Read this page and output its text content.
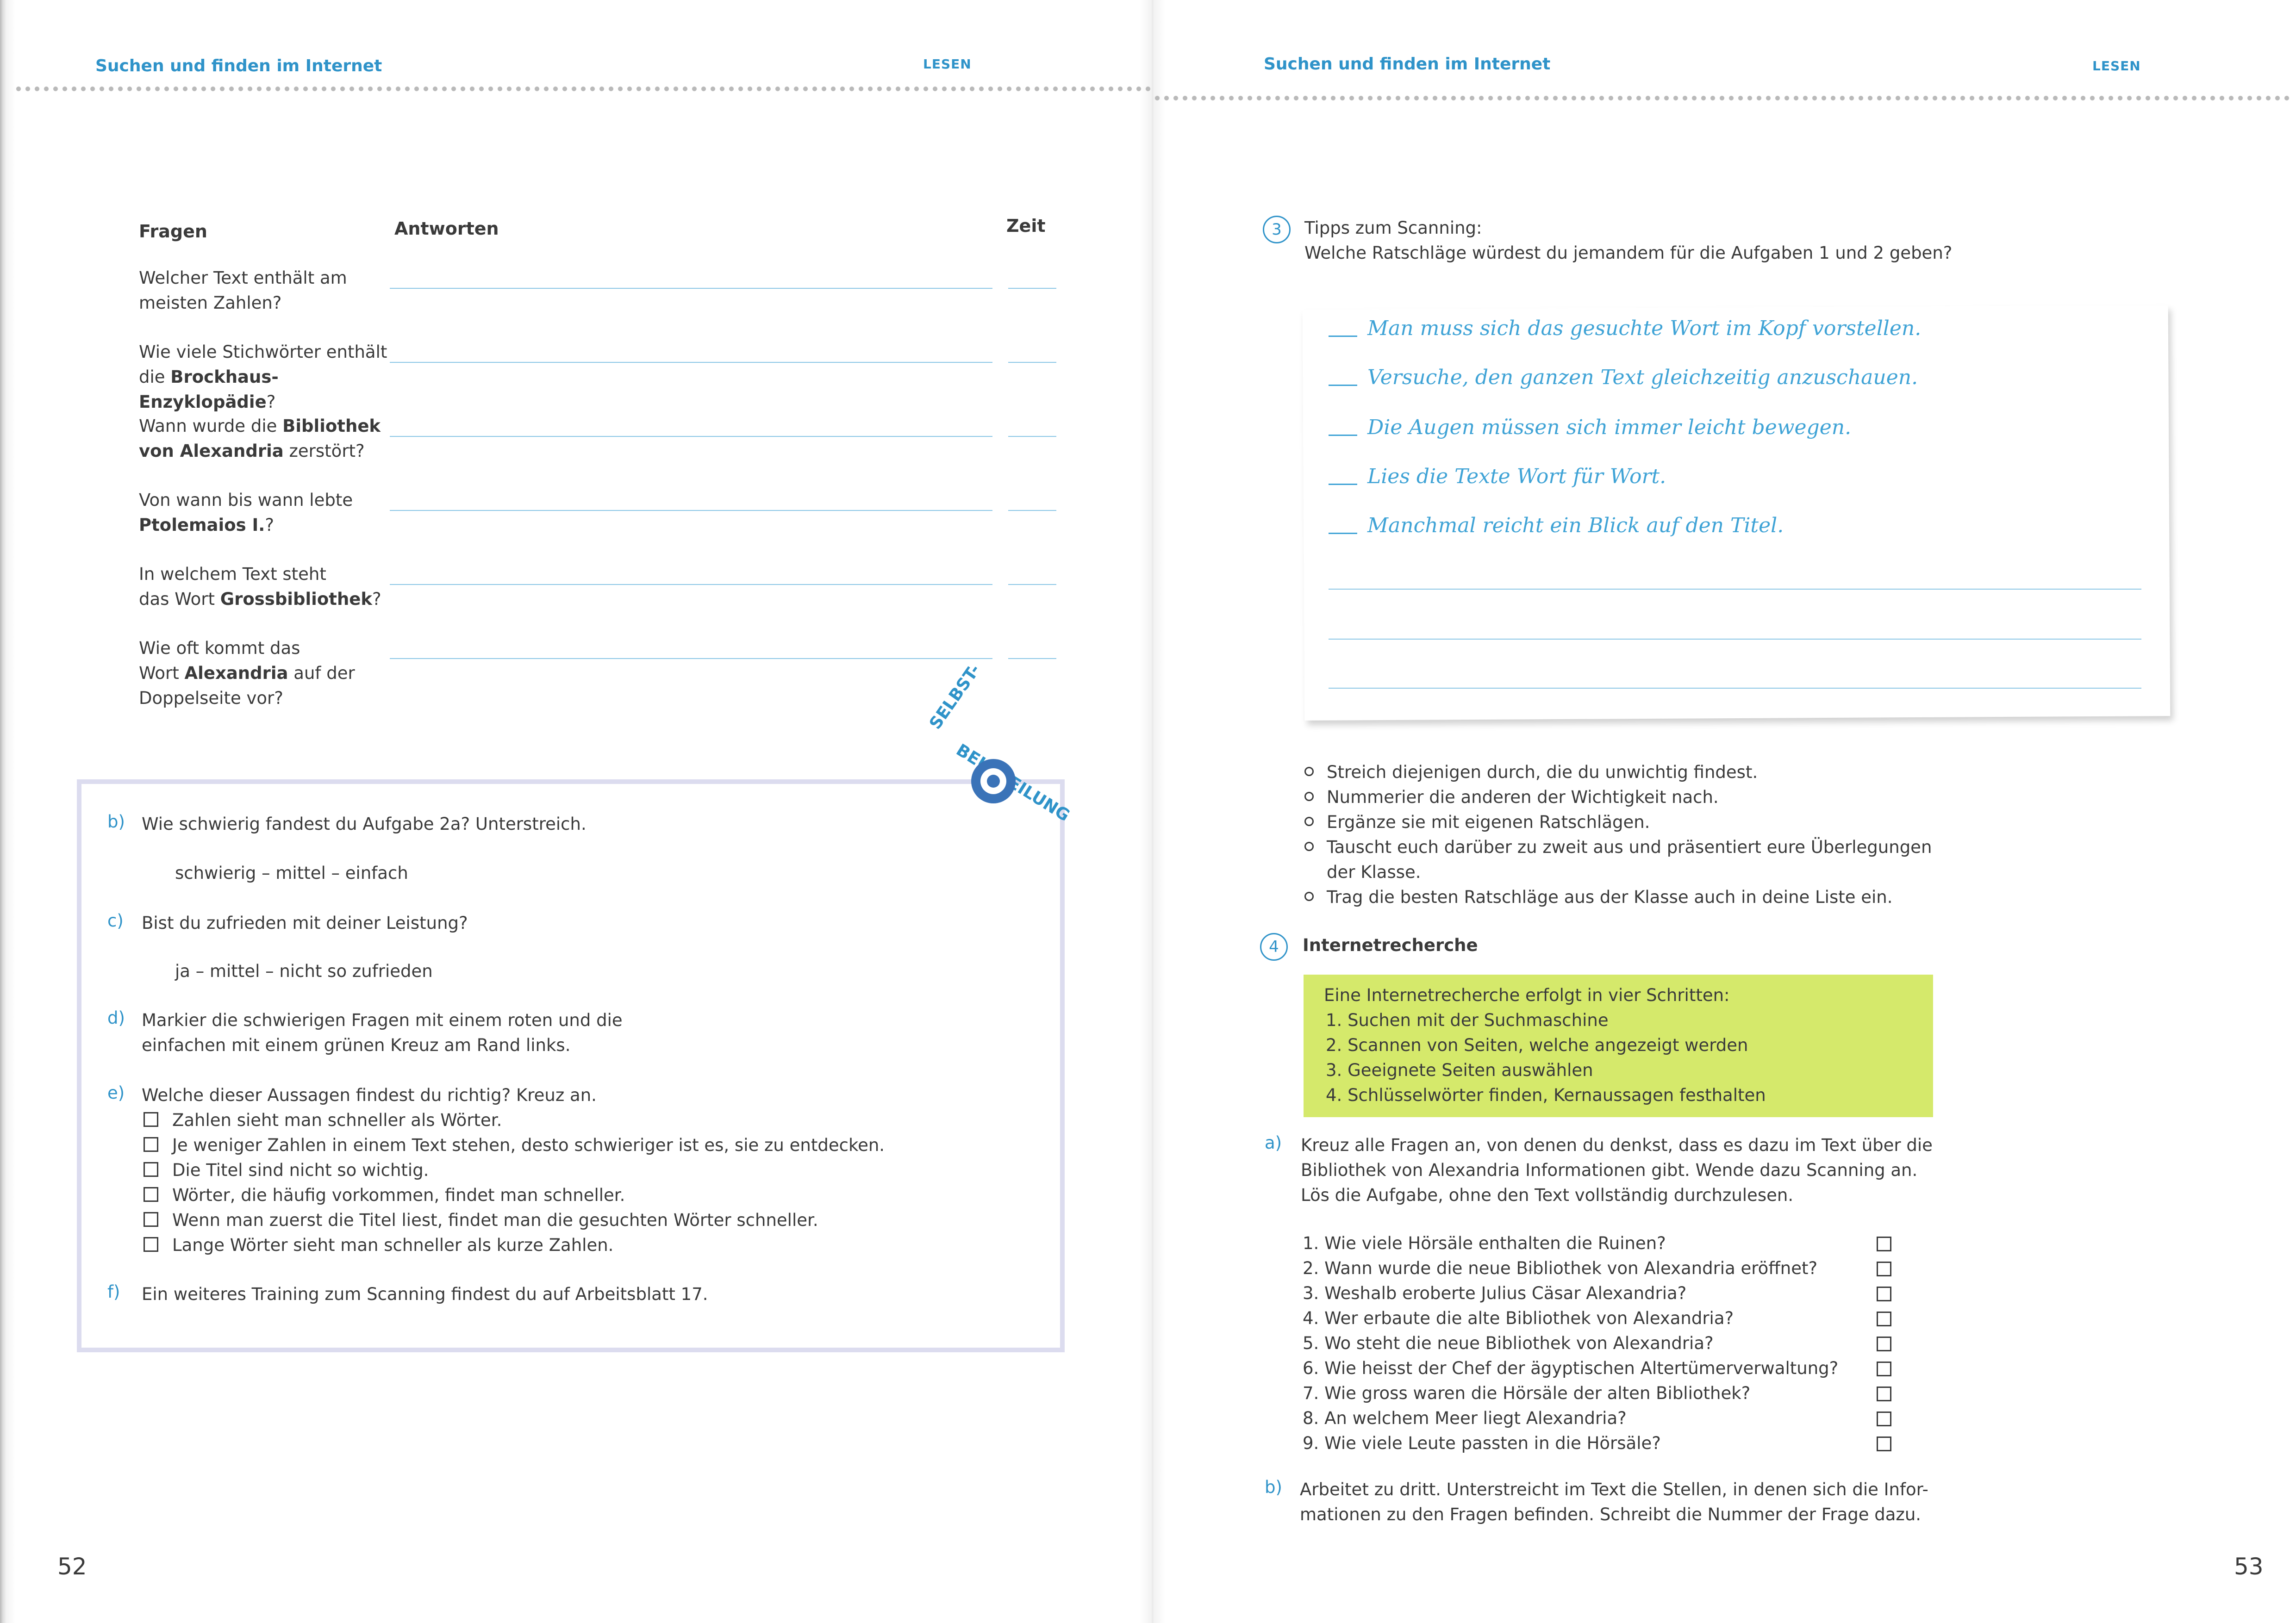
Suchen und finden im Internet	LESEN
Fragen	Antworten	Zeit
Welcher Text enthält am
meisten Zahlen?
Wie viele Stichwörter enthält
die Brockhaus-Enzyklopädie?
Wann wurde die Bibliothek
von Alexandria zerstört?
Von wann bis wann lebte
Ptolemaios I.?
In welchem Text steht
das Wort Grossbibliothek?
Wie oft kommt das
Wort Alexandria auf der
Doppelseite vor?	SELBST-
b) Wie schwierig fandest du Aufgabe 2a? Unterstreich.
schwierig – mittel – einfach
c) Bist du zufrieden mit deiner Leistung?
ja – mittel – nicht so zufrieden
d) Markier die schwierigen Fragen mit einem roten und die
einfachen mit einem grünen Kreuz am Rand links.
e) Welche dieser Aussagen findest du richtig? Kreuz an.
Zahlen sieht man schneller als Wörter.
Je weniger Zahlen in einem Text stehen, desto schwieriger ist es, sie zu entdecken.
Die Titel sind nicht so wichtig.
Wörter, die häufig vorkommen, findet man schneller.
Wenn man zuerst die Titel liest, findet man die gesuchten Wörter schneller.
Lange Wörter sieht man schneller als kurze Zahlen.
f) Ein weiteres Training zum Scanning findest du auf Arbeitsblatt 17.
52
Suchen und finden im Internet	LESEN
3	Tipps zum Scanning:
Welche Ratschläge würdest du jemandem für die Aufgaben 1 und 2 geben?
Man muss sich das gesuchte Wort im Kopf vorstellen.
Versuche, den ganzen Text gleichzeitig anzuschauen.
Die Augen müssen sich immer leicht bewegen.
Lies die Texte Wort für Wort.
Manchmal reicht ein Blick auf den Titel.
Streich diejenigen durch, die du unwichtig findest.
Nummerier die anderen der Wichtigkeit nach.
Ergänze sie mit eigenen Ratschlägen.
Tauscht euch darüber zu zweit aus und präsentiert eure Überlegungen
der Klasse.
Trag die besten Ratschläge aus der Klasse auch in deine Liste ein.
4	Internetrecherche
Eine Internetrecherche erfolgt in vier Schritten:
1. Suchen mit der Suchmaschine
2. Scannen von Seiten, welche angezeigt werden
3. Geeignete Seiten auswählen
4. Schlüsselwörter finden, Kernaussagen festhalten
a) Kreuz alle Fragen an, von denen du denkst, dass es dazu im Text über die
Bibliothek von Alexandria Informationen gibt. Wende dazu Scanning an.
Lös die Aufgabe, ohne den Text vollständig durchzulesen.
1. Wie viele Hörsäle enthalten die Ruinen?
2. Wann wurde die neue Bibliothek von Alexandria eröffnet?
3. Weshalb eroberte Julius Cäsar Alexandria?
4. Wer erbaute die alte Bibliothek von Alexandria?
5. Wo steht die neue Bibliothek von Alexandria?
6. Wie heisst der Chef der ägyptischen Altertümerverwaltung?
7. Wie gross waren die Hörsäle der alten Bibliothek?
8. An welchem Meer liegt Alexandria?
9. Wie viele Leute passten in die Hörsäle?
b) Arbeitet zu dritt. Unterstreicht im Text die Stellen, in denen sich die Infor-
mationen zu den Fragen befinden. Schreibt die Nummer der Frage dazu.
53
